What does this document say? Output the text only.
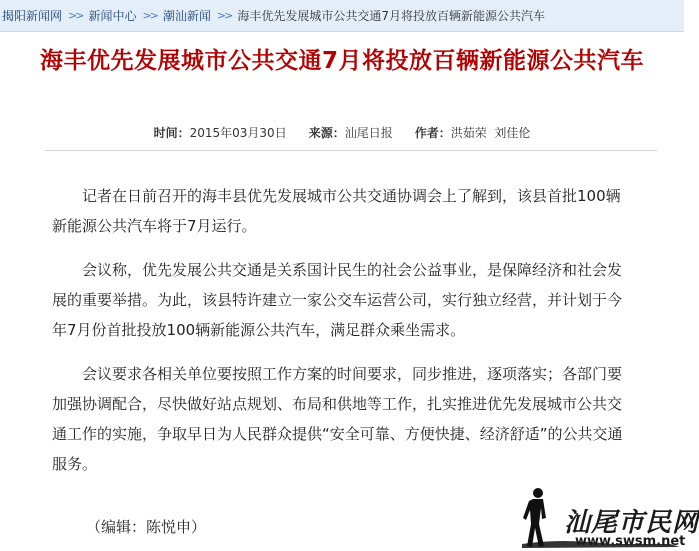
揭阳新闻网 >> 新闻中心 >> 潮汕新闻 >> 海丰优先发展城市公共交通7月将投放百辆新能源公共汽车
海丰优先发展城市公共交通7月将投放百辆新能源公共汽车
时间：2015年03月30日 来源：汕尾日报 作者：洪茹荣  刘佳伦

记者在日前召开的海丰县优先发展城市公共交通协调会上了解到，该县首批100辆新能源公共汽车将于7月运行。

会议称，优先发展公共交通是关系国计民生的社会公益事业，是保障经济和社会发展的重要举措。为此，该县特许建立一家公交车运营公司，实行独立经营，并计划于今年7月份首批投放100辆新能源公共汽车，满足群众乘坐需求。

会议要求各相关单位要按照工作方案的时间要求，同步推进，逐项落实；各部门要加强协调配合，尽快做好站点规划、布局和供地等工作，扎实推进优先发展城市公共交通工作的实施，争取早日为人民群众提供“安全可靠、方便快捷、经济舒适”的公共交通服务。

（编辑：陈悦申）	汕尾市民网
www.swsm.net
